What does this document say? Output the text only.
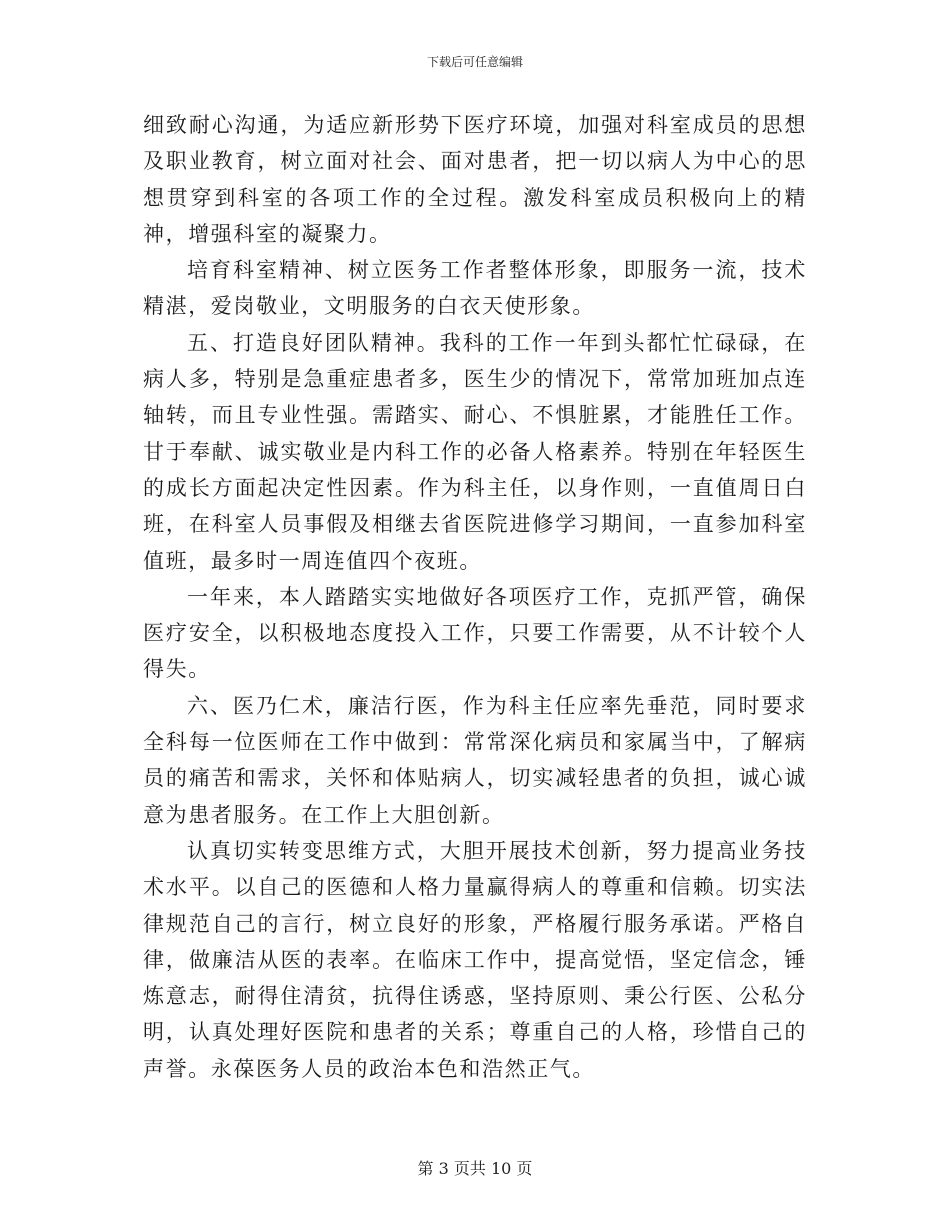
下载后可任意编辑

细致耐心沟通，为适应新形势下医疗环境，加强对科室成员的思想及职业教育，树立面对社会、面对患者，把一切以病人为中心的思想贯穿到科室的各项工作的全过程。激发科室成员积极向上的精神，增强科室的凝聚力。

培育科室精神、树立医务工作者整体形象，即服务一流，技术精湛，爱岗敬业，文明服务的白衣天使形象。

五、打造良好团队精神。我科的工作一年到头都忙忙碌碌，在病人多，特别是急重症患者多，医生少的情况下，常常加班加点连轴转，而且专业性强。需踏实、耐心、不惧脏累，才能胜任工作。甘于奉献、诚实敬业是内科工作的必备人格素养。特别在年轻医生的成长方面起决定性因素。作为科主任，以身作则，一直值周日白班，在科室人员事假及相继去省医院进修学习期间，一直参加科室值班，最多时一周连值四个夜班。

一年来，本人踏踏实实地做好各项医疗工作，克抓严管，确保医疗安全，以积极地态度投入工作，只要工作需要，从不计较个人得失。

六、医乃仁术，廉洁行医，作为科主任应率先垂范，同时要求全科每一位医师在工作中做到：常常深化病员和家属当中，了解病员的痛苦和需求，关怀和体贴病人，切实减轻患者的负担，诚心诚意为患者服务。在工作上大胆创新。

认真切实转变思维方式，大胆开展技术创新，努力提高业务技术水平。以自己的医德和人格力量赢得病人的尊重和信赖。切实法律规范自己的言行，树立良好的形象，严格履行服务承诺。严格自律，做廉洁从医的表率。在临床工作中，提高觉悟，坚定信念，锤炼意志，耐得住清贫，抗得住诱惑，坚持原则、秉公行医、公私分明，认真处理好医院和患者的关系；尊重自己的人格，珍惜自己的声誉。永葆医务人员的政治本色和浩然正气。

第 3 页共 10 页
